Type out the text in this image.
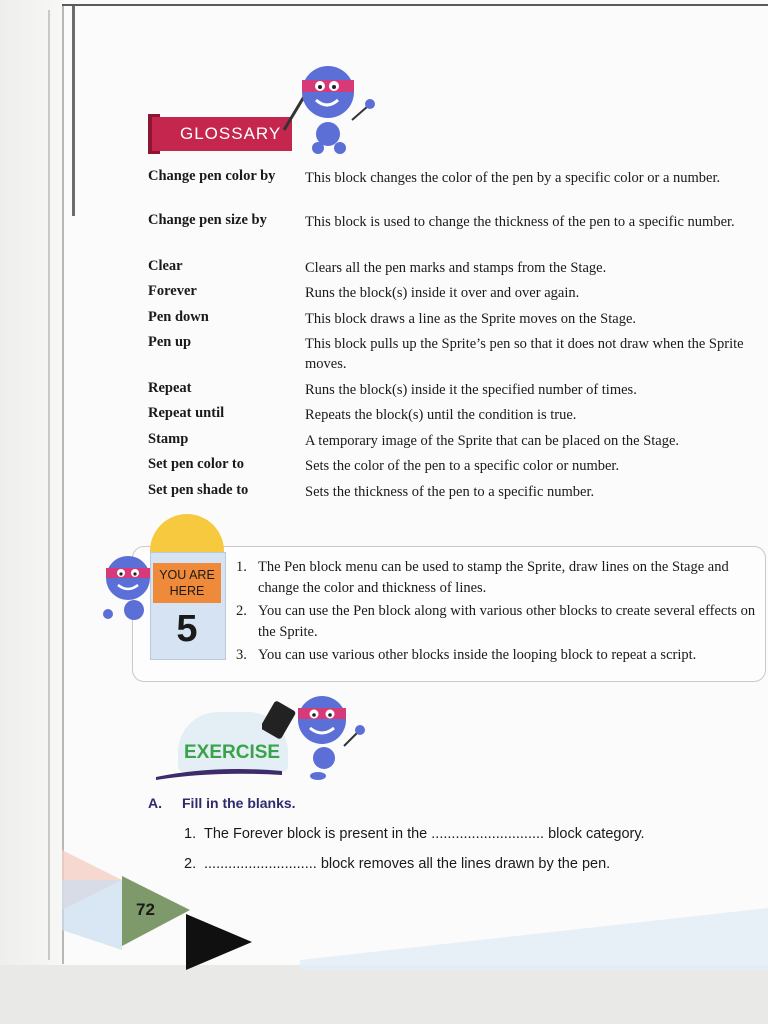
GLOSSARY
Change pen color by	This block changes the color of the pen by a specific color or a number.
Change pen size by	This block is used to change the thickness of the pen to a specific number.
Clear	Clears all the pen marks and stamps from the Stage.
Forever	Runs the block(s) inside it over and over again.
Pen down	This block draws a line as the Sprite moves on the Stage.
Pen up	This block pulls up the Sprite’s pen so that it does not draw when the Sprite moves.
Repeat	Runs the block(s) inside it the specified number of times.
Repeat until	Repeats the block(s) until the condition is true.
Stamp	A temporary image of the Sprite that can be placed on the Stage.
Set pen color to	Sets the color of the pen to a specific color or number.
Set pen shade to	Sets the thickness of the pen to a specific number.
YOU ARE
HERE
5
1. The Pen block menu can be used to stamp the Sprite, draw lines on the Stage and change the color and thickness of lines.
2. You can use the Pen block along with various other blocks to create several effects on the Sprite.
3. You can use various other blocks inside the looping block to repeat a script.
EXERCISE
A. Fill in the blanks.
1. The Forever block is present in the ............................ block category.
2. ............................ block removes all the lines drawn by the pen.
72
